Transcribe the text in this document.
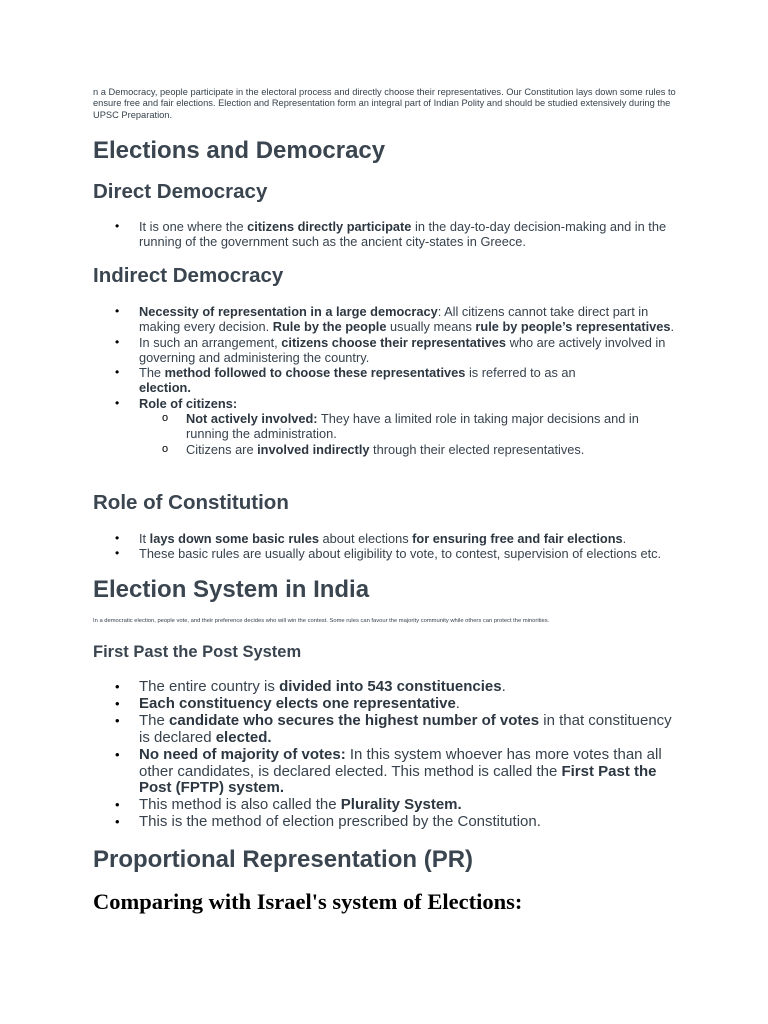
n a Democracy, people participate in the electoral process and directly choose their representatives. Our Constitution lays down some rules to ensure free and fair elections. Election and Representation form an integral part of Indian Polity and should be studied extensively during the UPSC Preparation.

Elections and Democracy
Direct Democracy
• It is one where the citizens directly participate in the day-to-day decision-making and in the running of the government such as the ancient city-states in Greece.
Indirect Democracy
• Necessity of representation in a large democracy: All citizens cannot take direct part in making every decision. Rule by the people usually means rule by people’s representatives.
• In such an arrangement, citizens choose their representatives who are actively involved in governing and administering the country.
• The method followed to choose these representatives is referred to as an election.
• Role of citizens:
o Not actively involved: They have a limited role in taking major decisions and in running the administration.
o Citizens are involved indirectly through their elected representatives.
Role of Constitution
• It lays down some basic rules about elections for ensuring free and fair elections.
• These basic rules are usually about eligibility to vote, to contest, supervision of elections etc.
Election System in India

In a democratic election, people vote, and their preference decides who will win the contest. Some rules can favour the majority community while others can protect the minorities.

First Past the Post System
• The entire country is divided into 543 constituencies.
• Each constituency elects one representative.
• The candidate who secures the highest number of votes in that constituency is declared elected.
• No need of majority of votes: In this system whoever has more votes than all other candidates, is declared elected. This method is called the First Past the Post (FPTP) system.
• This method is also called the Plurality System.
• This is the method of election prescribed by the Constitution.
Proportional Representation (PR)
Comparing with Israel's system of Elections:
